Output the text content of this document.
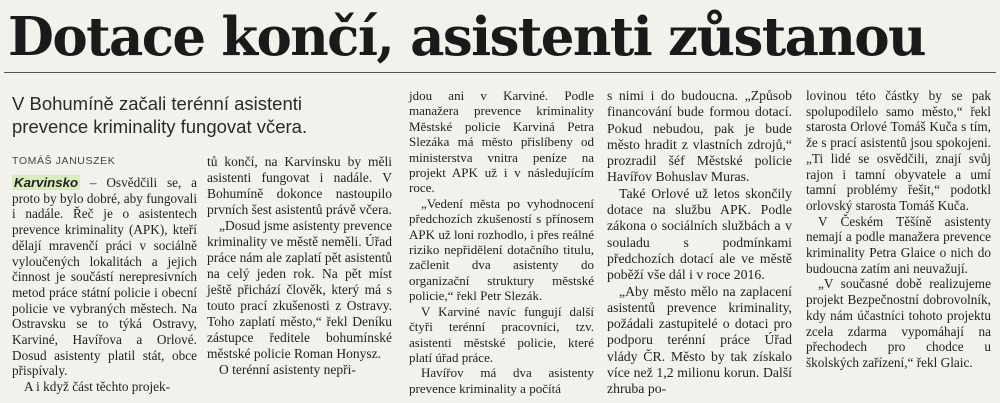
Dotace končí, asistenti zůstanou
V Bohumíně začali terénní asistenti prevence kriminality fungovat včera.
TOMÁŠ JANUSZEK

Karvinsko – Osvědčili se, a proto by bylo dobré, aby fungovali i nadále. Řeč je o asistentech prevence kriminality (APK), kteří dělají mravenčí práci v sociálně vyloučených lokalitách a jejich činnost je součástí nerepresivních metod práce státní policie i obecní policie ve vybraných městech. Na Ostravsku se to týká Ostravy, Karviné, Havířova a Orlové. Dosud asistenty platil stát, obce přispívaly.

A i když část těchto projek-

tů končí, na Karvinsku by měli asistenti fungovat i nadále. V Bohumíně dokonce nastoupilo prvních šest asistentů právě včera.

„Dosud jsme asistenty prevence kriminality ve městě neměli. Úřad práce nám ale zaplatí pět asistentů na celý jeden rok. Na pět míst ještě přichází člověk, který má s touto prací zkušenosti z Ostravy. Toho zaplatí město,“ řekl Deníku zástupce ředitele bohumínské městské policie Roman Honysz.

O terénní asistenty nepři-

jdou ani v Karviné. Podle manažera prevence kriminality Městské policie Karviná Petra Slezáka má město přislíbeny od ministerstva vnitra peníze na projekt APK už i v následujícím roce.

„Vedení města po vyhodnocení předchozích zkušeností s přínosem APK už loni rozhodlo, i přes reálné riziko nepřidělení dotačního titulu, začlenit dva asistenty do organizační struktury městské policie,“ řekl Petr Slezák.

V Karviné navíc fungují další čtyři terénní pracovníci, tzv. asistenti městské policie, které platí úřad práce.

Havířov má dva asistenty prevence kriminality a počítá

s nimi i do budoucna. „Způsob financování bude formou dotací. Pokud nebudou, pak je bude město hradit z vlastních zdrojů,“ prozradil šéf Městské policie Havířov Bohuslav Muras.

Také Orlové už letos skončily dotace na službu APK. Podle zákona o sociálních službách a v souladu s podmínkami předchozích dotací ale ve městě poběží vše dál i v roce 2016.

„Aby město mělo na zaplacení asistentů prevence kriminality, požádali zastupitelé o dotaci pro podporu terénní práce Úřad vlády ČR. Město by tak získalo více než 1,2 milionu korun. Další zhruba po-

lovinou této částky by se pak spolupodílelo samo město,“ řekl starosta Orlové Tomáš Kuča s tím, že s prací asistentů jsou spokojeni. „Ti lidé se osvědčili, znají svůj rajon i tamní obyvatele a umí tamní problémy řešit,“ podotkl orlovský starosta Tomáš Kuča.

V Českém Těšíně asistenty nemají a podle manažera prevence kriminality Petra Glaice o nich do budoucna zatím ani neuvažují.

„V současné době realizujeme projekt Bezpečnostní dobrovolník, kdy nám účastníci tohoto projektu zcela zdarma vypomáhají na přechodech pro chodce u školských zařízení,“ řekl Glaic.
